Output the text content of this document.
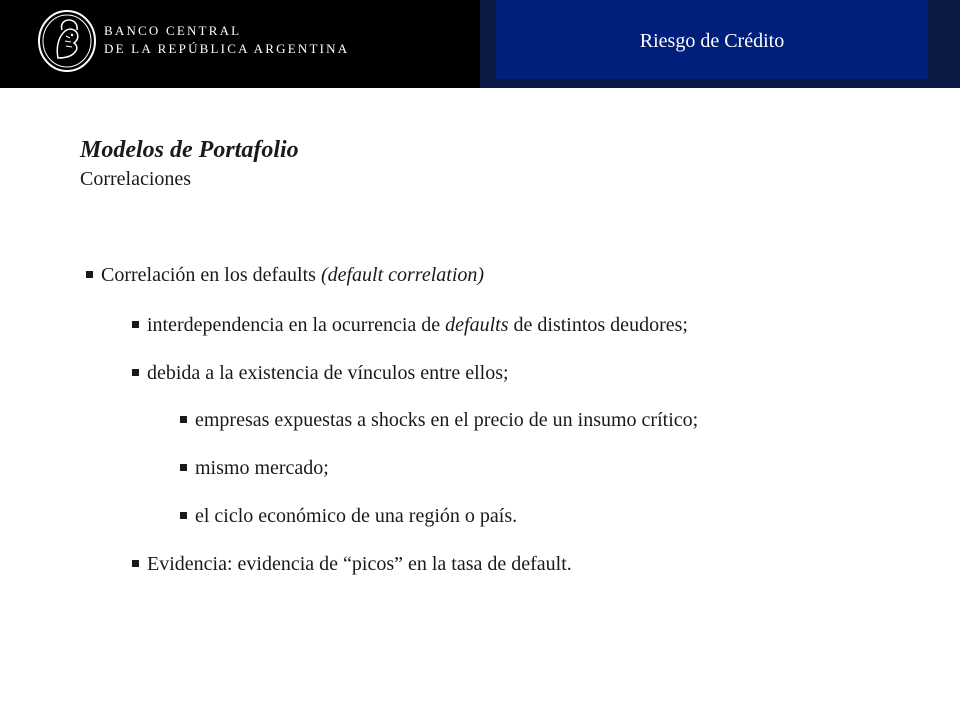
BANCO CENTRAL
DE LA REPÚBLICA ARGENTINA	Riesgo de Crédito
Modelos de Portafolio

Correlaciones

Correlación en los defaults (default correlation)
interdependencia en la ocurrencia de defaults de distintos deudores;
debida a la existencia de vínculos entre ellos;
empresas expuestas a shocks en el precio de un insumo crítico;
mismo mercado;
el ciclo económico de una región o país.
Evidencia: evidencia de “picos” en la tasa de default.
